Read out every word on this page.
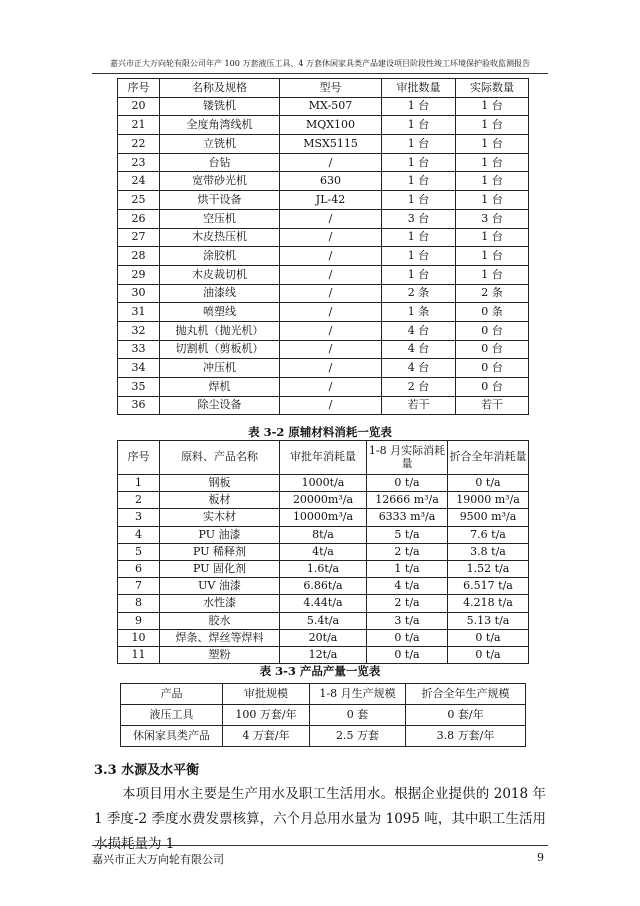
嘉兴市正大万向轮有限公司年产 100 万套液压工具、4 万套休闲家具类产品建设项目阶段性竣工环境保护验收监测报告
序号	名称及规格	型号	审批数量	实际数量
20	镂铣机	MX-507	1 台	1 台
21	全度角湾线机	MQX100	1 台	1 台
22	立铣机	MSX5115	1 台	1 台
23	台钻	/	1 台	1 台
24	宽带砂光机	630	1 台	1 台
25	烘干设备	JL-42	1 台	1 台
26	空压机	/	3 台	3 台
27	木皮热压机	/	1 台	1 台
28	涂胶机	/	1 台	1 台
29	木皮裁切机	/	1 台	1 台
30	油漆线	/	2 条	2 条
31	喷塑线	/	1 条	0 条
32	抛丸机（抛光机）	/	4 台	0 台
33	切割机（剪板机）	/	4 台	0 台
34	冲压机	/	4 台	0 台
35	焊机	/	2 台	0 台
36	除尘设备	/	若干	若干
表 3-2 原辅材料消耗一览表
序号	原料、产品名称	审批年消耗量	1-8 月实际消耗量	折合全年消耗量
1	钢板	1000t/a	0 t/a	0 t/a
2	板材	20000m³/a	12666 m³/a	19000 m³/a
3	实木材	10000m³/a	6333 m³/a	9500 m³/a
4	PU 油漆	8t/a	5 t/a	7.6 t/a
5	PU 稀释剂	4t/a	2 t/a	3.8 t/a
6	PU 固化剂	1.6t/a	1 t/a	1.52 t/a
7	UV 油漆	6.86t/a	4 t/a	6.517 t/a
8	水性漆	4.44t/a	2 t/a	4.218 t/a
9	胶水	5.4t/a	3 t/a	5.13 t/a
10	焊条、焊丝等焊料	20t/a	0 t/a	0 t/a
11	塑粉	12t/a	0 t/a	0 t/a
表 3-3 产品产量一览表
产品	审批规模	1-8 月生产规模	折合全年生产规模
液压工具	100 万套/年	0 套	0 套/年
休闲家具类产品	4 万套/年	2.5 万套	3.8 万套/年
3.3 水源及水平衡
本项目用水主要是生产用水及职工生活用水。根据企业提供的 2018 年 1 季度-2 季度水费发票核算，六个月总用水量为 1095 吨，其中职工生活用水损耗量为 1
嘉兴市正大万向轮有限公司	9
